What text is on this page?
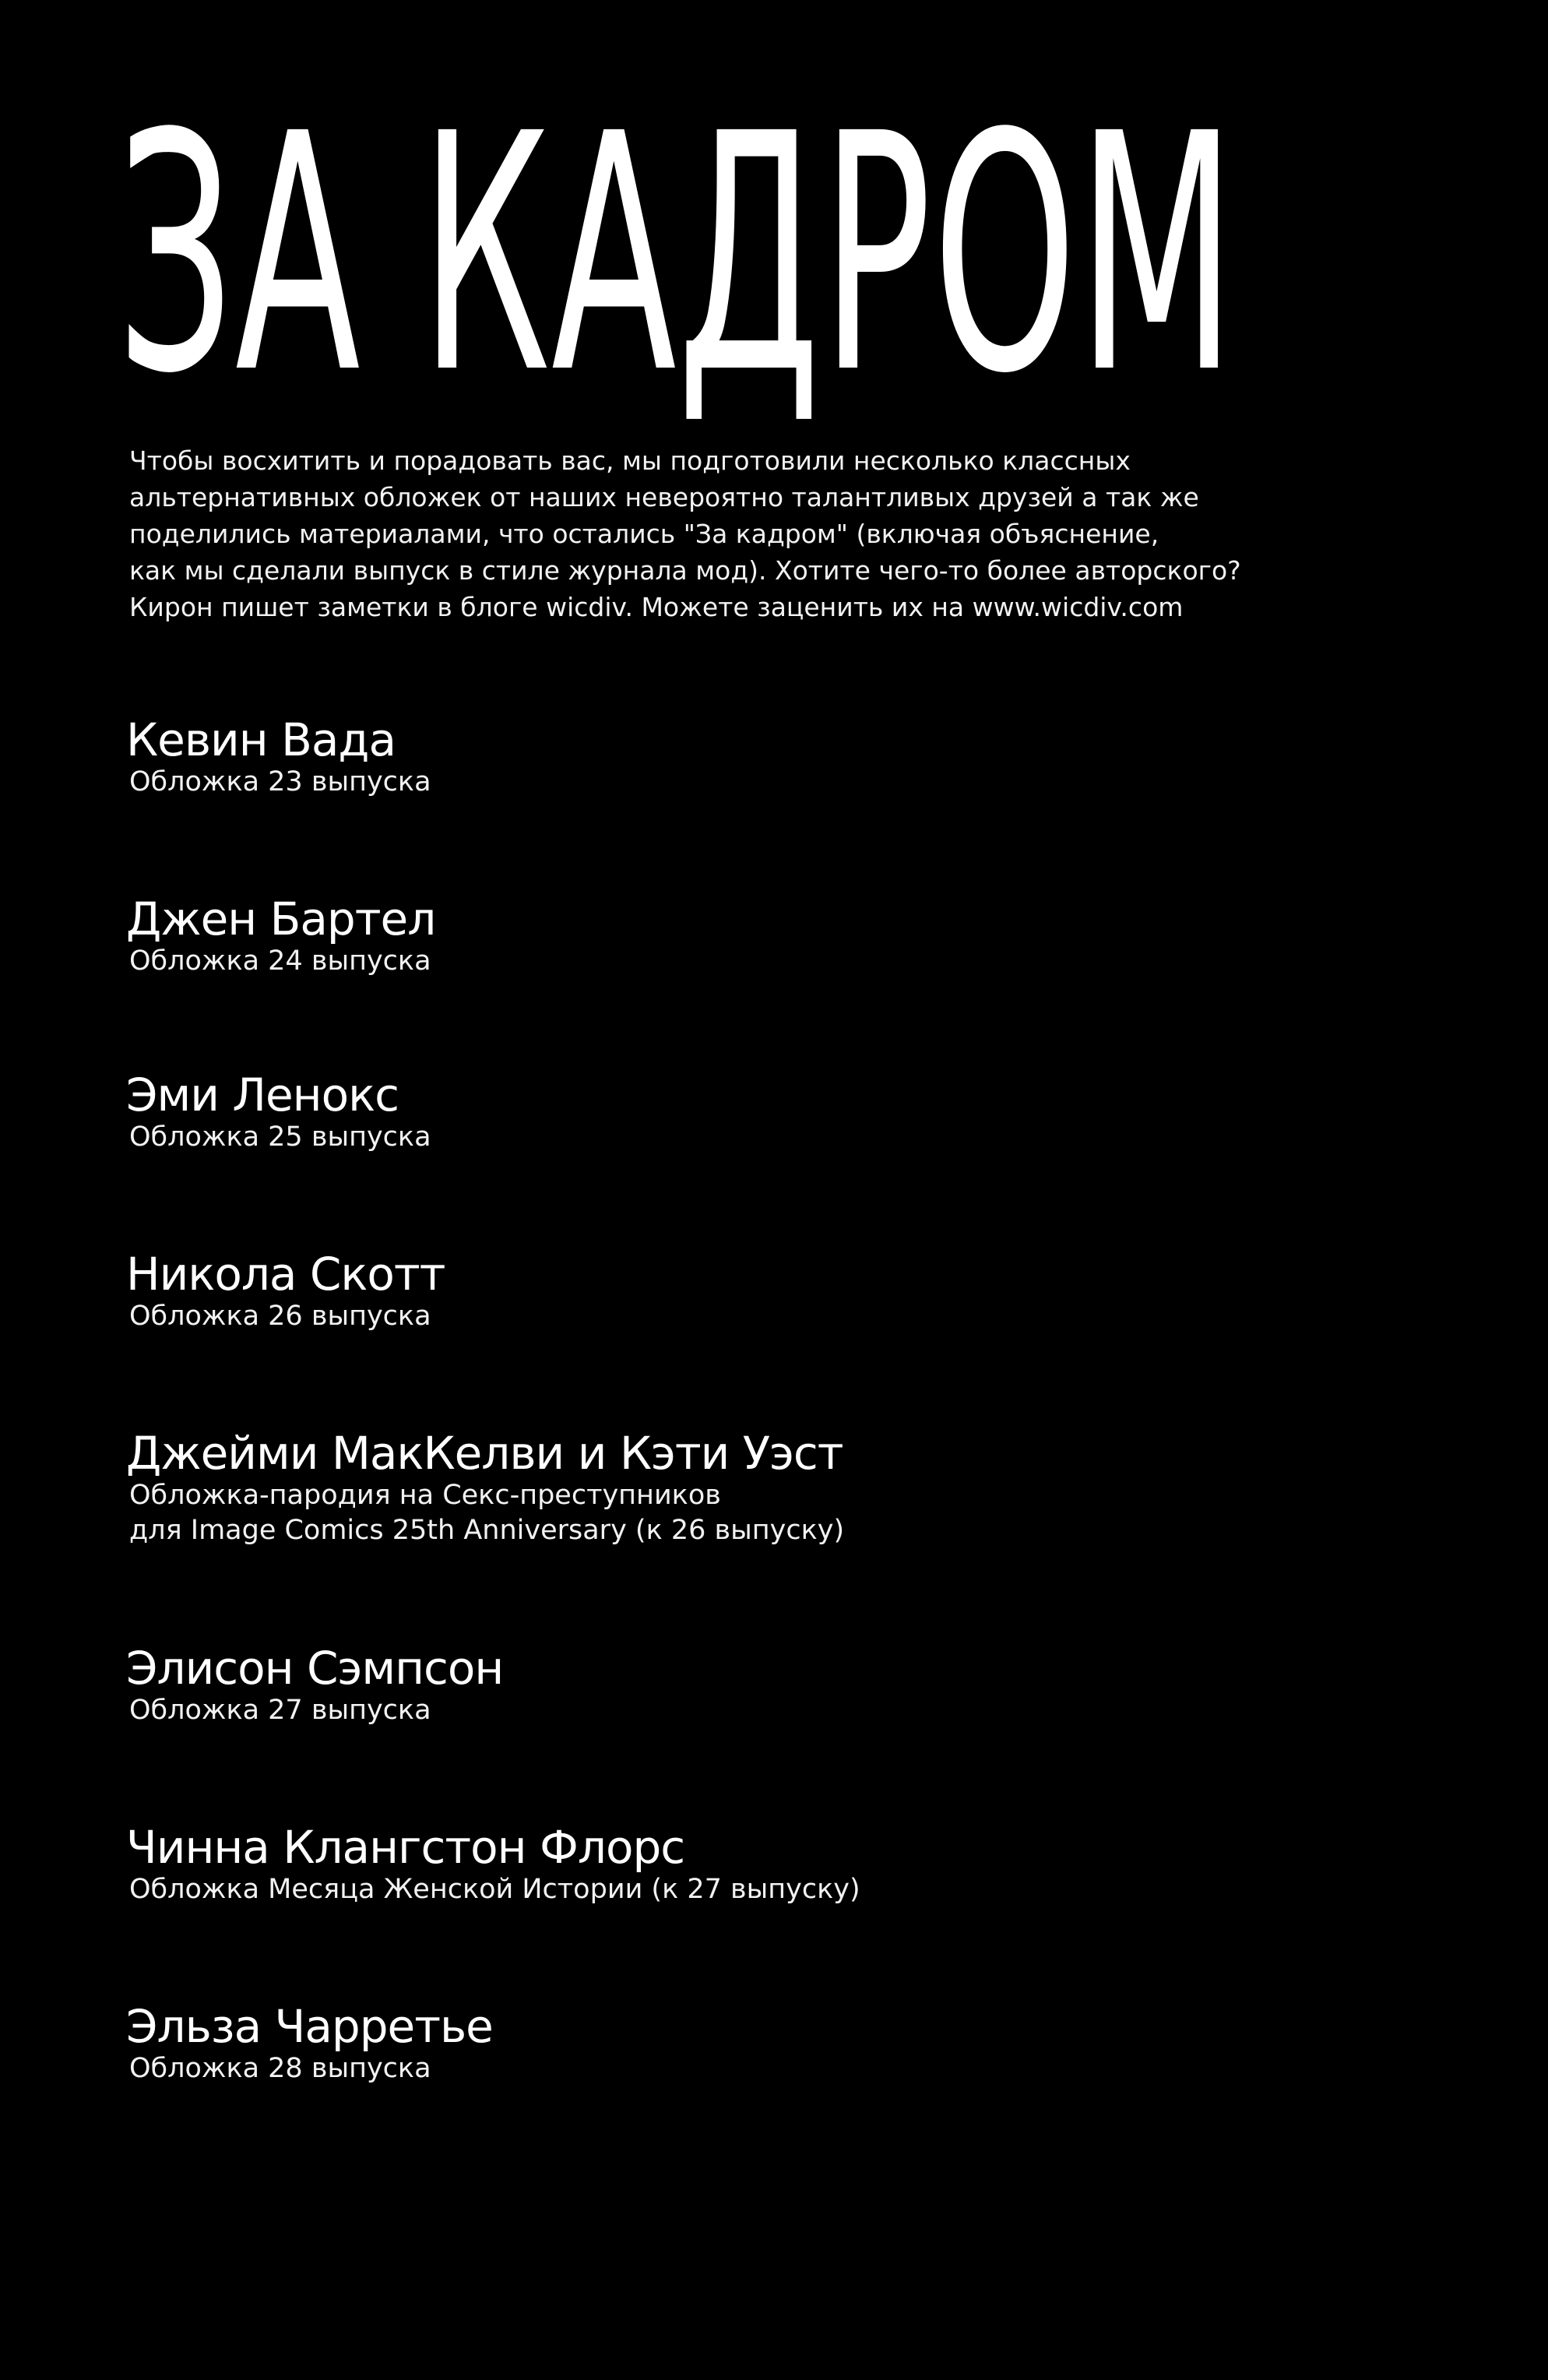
ЗА КАДРОМ

Чтобы восхитить и порадовать вас, мы подготовили несколько классных
альтернативных обложек от наших невероятно талантливых друзей а так же
поделились материалами, что остались "За кадром" (включая объяснение,
как мы сделали выпуск в стиле журнала мод). Хотите чего-то более авторского?
Кирон пишет заметки в блоге wicdiv. Можете заценить их на www.wicdiv.com

Кевин Вада
Обложка 23 выпуска
Джен Бартел
Обложка 24 выпуска
Эми Ленокс
Обложка 25 выпуска
Никола Скотт
Обложка 26 выпуска
Джейми МакКелви и Кэти Уэст
Обложка-пародия на Секс-преступников
для Image Comics 25th Anniversary (к 26 выпуску)
Элисон Сэмпсон
Обложка 27 выпуска
Чинна Клангстон Флорс
Обложка Месяца Женской Истории (к 27 выпуску)
Эльза Чарретье
Обложка 28 выпуска
